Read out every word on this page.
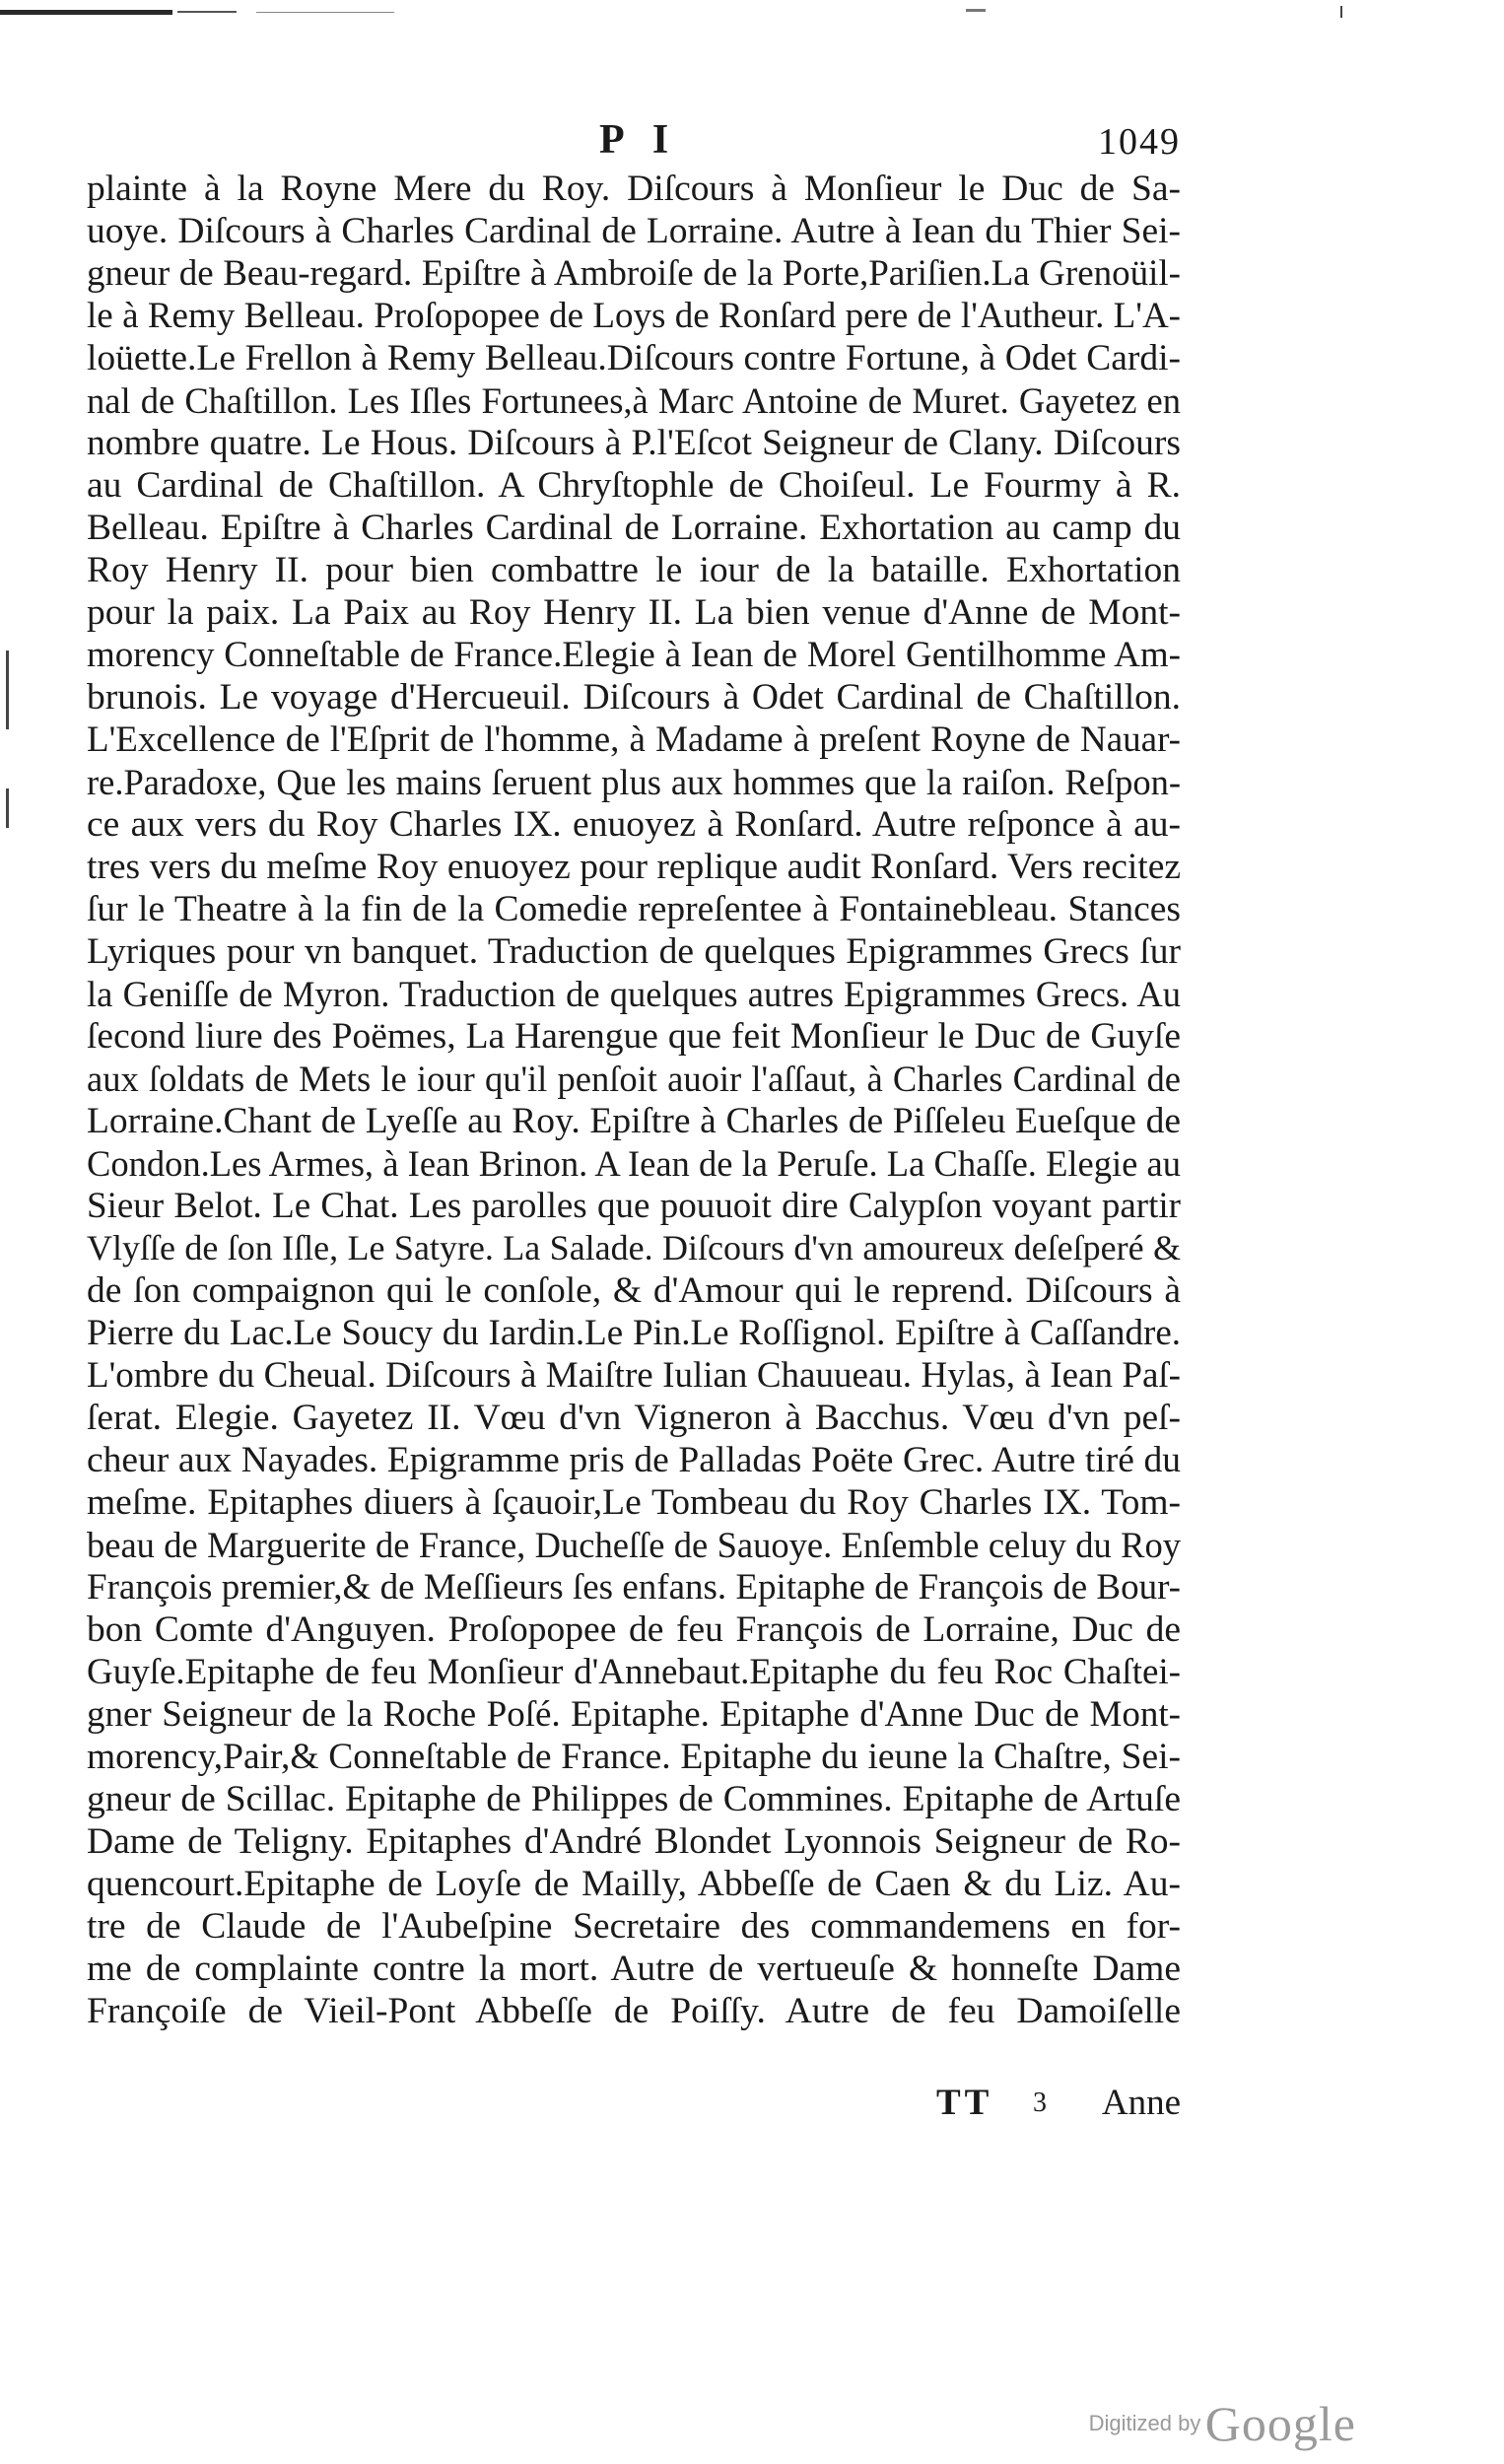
P I	1049
plainte à la Royne Mere du Roy. Diſcours à Monſieur le Duc de Sa-
uoye. Diſcours à Charles Cardinal de Lorraine. Autre à Iean du Thier Sei-
gneur de Beau-regard. Epiſtre à Ambroiſe de la Porte,Pariſien.La Grenoüil-
le à Remy Belleau. Proſopopee de Loys de Ronſard pere de l'Autheur. L'A-
loüette.Le Frellon à Remy Belleau.Diſcours contre Fortune, à Odet Cardi-
nal de Chaſtillon. Les Iſles Fortunees,à Marc Antoine de Muret. Gayetez en
nombre quatre. Le Hous. Diſcours à P.l'Eſcot Seigneur de Clany. Diſcours
au Cardinal de Chaſtillon. A Chryſtophle de Choiſeul. Le Fourmy à R.
Belleau. Epiſtre à Charles Cardinal de Lorraine. Exhortation au camp du
Roy Henry II. pour bien combattre le iour de la bataille. Exhortation
pour la paix. La Paix au Roy Henry II. La bien venue d'Anne de Mont-
morency Conneſtable de France.Elegie à Iean de Morel Gentilhomme Am-
brunois. Le voyage d'Hercueuil. Diſcours à Odet Cardinal de Chaſtillon.
L'Excellence de l'Eſprit de l'homme, à Madame à preſent Royne de Nauar-
re.Paradoxe, Que les mains ſeruent plus aux hommes que la raiſon. Reſpon-
ce aux vers du Roy Charles IX. enuoyez à Ronſard. Autre reſponce à au-
tres vers du meſme Roy enuoyez pour replique audit Ronſard. Vers recitez
ſur le Theatre à la fin de la Comedie repreſentee à Fontainebleau. Stances
Lyriques pour vn banquet. Traduction de quelques Epigrammes Grecs ſur
la Geniſſe de Myron. Traduction de quelques autres Epigrammes Grecs. Au
ſecond liure des Poëmes, La Harengue que feit Monſieur le Duc de Guyſe
aux ſoldats de Mets le iour qu'il penſoit auoir l'aſſaut, à Charles Cardinal de
Lorraine.Chant de Lyeſſe au Roy. Epiſtre à Charles de Piſſeleu Eueſque de
Condon.Les Armes, à Iean Brinon. A Iean de la Peruſe. La Chaſſe. Elegie au
Sieur Belot. Le Chat. Les parolles que pouuoit dire Calypſon voyant partir
Vlyſſe de ſon Iſle, Le Satyre. La Salade. Diſcours d'vn amoureux deſeſperé &
de ſon compaignon qui le conſole, & d'Amour qui le reprend. Diſcours à
Pierre du Lac.Le Soucy du Iardin.Le Pin.Le Roſſignol. Epiſtre à Caſſandre.
L'ombre du Cheual. Diſcours à Maiſtre Iulian Chauueau. Hylas, à Iean Paſ-
ſerat. Elegie. Gayetez II. Vœu d'vn Vigneron à Bacchus. Vœu d'vn peſ-
cheur aux Nayades. Epigramme pris de Palladas Poëte Grec. Autre tiré du
meſme. Epitaphes diuers à ſçauoir,Le Tombeau du Roy Charles IX. Tom-
beau de Marguerite de France, Ducheſſe de Sauoye. Enſemble celuy du Roy
François premier,& de Meſſieurs ſes enfans. Epitaphe de François de Bour-
bon Comte d'Anguyen. Proſopopee de feu François de Lorraine, Duc de
Guyſe.Epitaphe de feu Monſieur d'Annebaut.Epitaphe du feu Roc Chaſtei-
gner Seigneur de la Roche Poſé. Epitaphe. Epitaphe d'Anne Duc de Mont-
morency,Pair,& Conneſtable de France. Epitaphe du ieune la Chaſtre, Sei-
gneur de Scillac. Epitaphe de Philippes de Commines. Epitaphe de Artuſe
Dame de Teligny. Epitaphes d'André Blondet Lyonnois Seigneur de Ro-
quencourt.Epitaphe de Loyſe de Mailly, Abbeſſe de Caen & du Liz. Au-
tre de Claude de l'Aubeſpine Secretaire des commandemens en for-
me de complainte contre la mort. Autre de vertueuſe & honneſte Dame
Françoiſe de Vieil-Pont Abbeſſe de Poiſſy. Autre de feu Damoiſelle
TT 3 Anne
Digitized by Google
